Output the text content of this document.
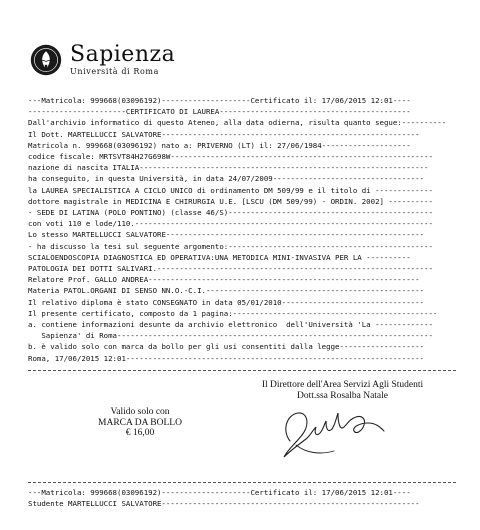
Sapienza
Università di Roma
---Matricola: 999668(03096192)--------------------Certificato il: 17/06/2015 12:01----
----------------------CERTIFICATO DI LAUREA-------------------------------------------
Dall'archivio informatico di questo Ateneo, alla data odierna, risulta quanto segue:----------
Il Dott. MARTELLUCCI SALVATORE----------------------------------------------------------
Matricola n. 999668(03096192) nato a: PRIVERNO (LT) il: 27/06/1984--------------------
codice fiscale: MRTSVT84H27G698W-----------------------------------------------------------
nazione di nascita ITALIA-----------------------------------------------------------------
ha conseguito, in questa Università, in data 24/07/2009----------------------------------
la LAUREA SPECIALISTICA A CICLO UNICO di ordinamento DM 509/99 e il titolo di -------------
dottore magistrale in MEDICINA E CHIRURGIA U.E. [LSCU (DM 509/99) - ORDIN. 2002] ----------
- SEDE DI LATINA (POLO PONTINO) (classe 46/S)----------------------------------------------
con voti 110 e lode/110.-------------------------------------------------------------------
Lo stesso MARTELLUCCI SALVATORE----------------------------------------------------------
- ha discusso la tesi sul seguente argomento:----------------------------------------------
SCIALOENDOSCOPIA DIAGNOSTICA ED OPERATIVA:UNA METODICA MINI-INVASIVA PER LA ----------
PATOLOGIA DEI DOTTI SALIVARI.--------------------------------------------------------------
Relatore Prof. GALLO ANDREA-------------------------------------------------------------
Materia PATOL.ORGANI DI SENSO NN.O.-C.I.-------------------------------------------------
Il relativo diploma è stato CONSEGNATO in data 05/01/2010--------------------------------
Il presente certificato, composto da 1 pagina:----------------------------------------------
a. contiene informazioni desunte da archivio elettronico  dell'Università 'La -------------
Sapienza' di Roma-----------------------------------------------------------------------
b. è valido solo con marca da bollo per gli usi consentiti dalla legge-------------------
Roma, 17/06/2015 12:01-------------------------------------------------------------------
Valido solo con
MARCA DA BOLLO
€ 16,00
Il Direttore dell'Area Servizi Agli Studenti
Dott.ssa Rosalba Natale
---Matricola: 999668(03096192)--------------------Certificato il: 17/06/2015 12:01----
Studente MARTELLUCCI SALVATORE----------------------------------------------------------
